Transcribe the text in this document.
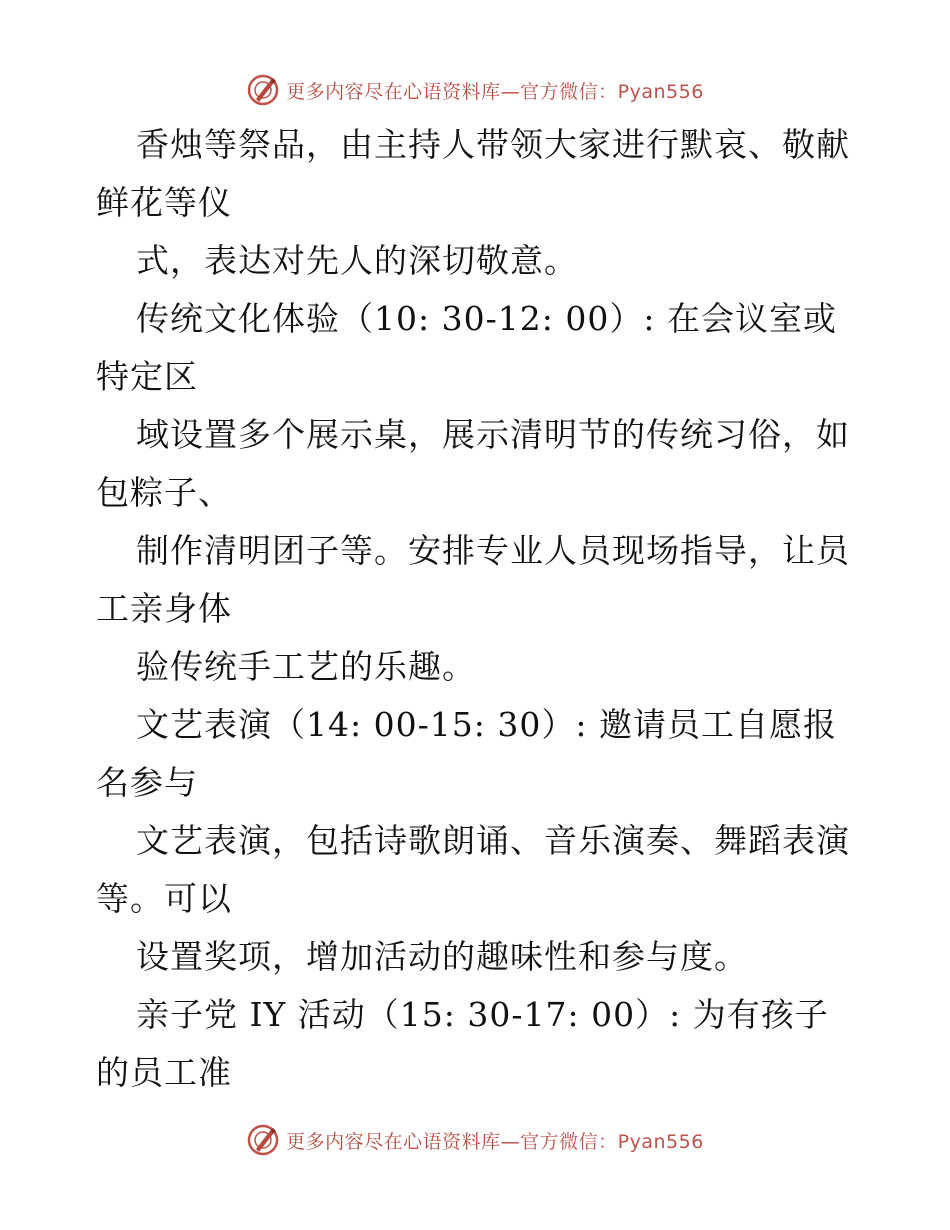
更多内容尽在心语资料库—官方微信：Pyan556
香烛等祭品，由主持人带领大家进行默哀、敬献
鲜花等仪
式，表达对先人的深切敬意。
传统文化体验（10: 30-12: 00）: 在会议室或
特定区
域设置多个展示桌，展示清明节的传统习俗，如
包粽子、
制作清明团子等。安排专业人员现场指导，让员
工亲身体
验传统手工艺的乐趣。
文艺表演（14: 00-15: 30）: 邀请员工自愿报
名参与
文艺表演，包括诗歌朗诵、音乐演奏、舞蹈表演
等。可以
设置奖项，增加活动的趣味性和参与度。
亲子党 IY 活动（15: 30-17: 00）: 为有孩子
的员工准
更多内容尽在心语资料库—官方微信：Pyan556
